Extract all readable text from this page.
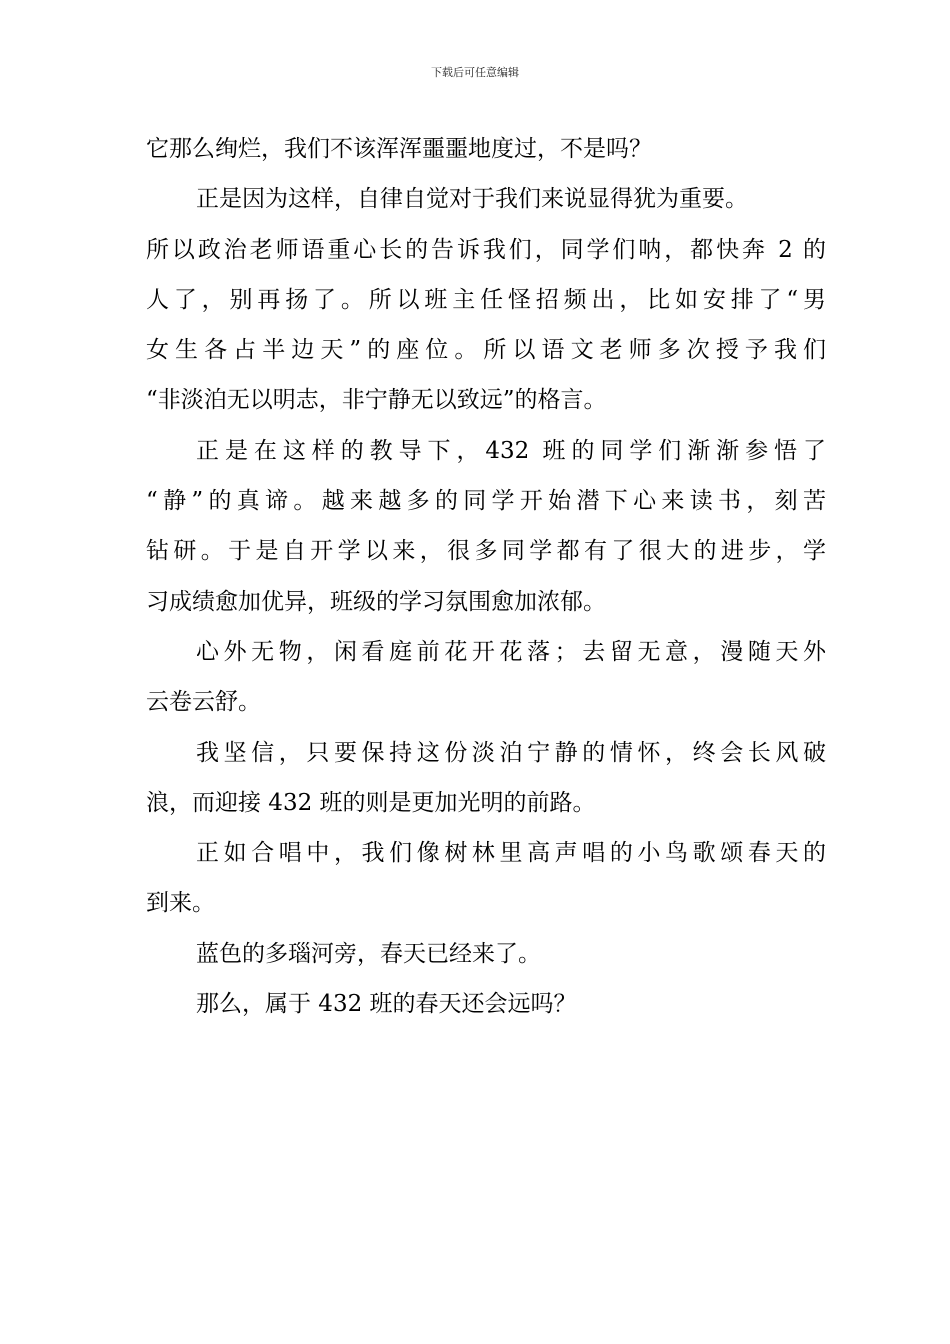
下载后可任意编辑
它那么绚烂，我们不该浑浑噩噩地度过，不是吗？
正是因为这样，自律自觉对于我们来说显得犹为重要。
所以政治老师语重心长的告诉我们，同学们呐，都快奔 2 的
人了，别再扬了。所以班主任怪招频出，比如安排了“男
女生各占半边天”的座位。所以语文老师多次授予我们
“非淡泊无以明志，非宁静无以致远”的格言。
正是在这样的教导下，432 班的同学们渐渐参悟了
“静”的真谛。越来越多的同学开始潜下心来读书，刻苦
钻研。于是自开学以来，很多同学都有了很大的进步，学
习成绩愈加优异，班级的学习氛围愈加浓郁。
心外无物，闲看庭前花开花落；去留无意，漫随天外
云卷云舒。
我坚信，只要保持这份淡泊宁静的情怀，终会长风破
浪，而迎接 432 班的则是更加光明的前路。
正如合唱中，我们像树林里高声唱的小鸟歌颂春天的
到来。
蓝色的多瑙河旁，春天已经来了。
那么，属于 432 班的春天还会远吗？
